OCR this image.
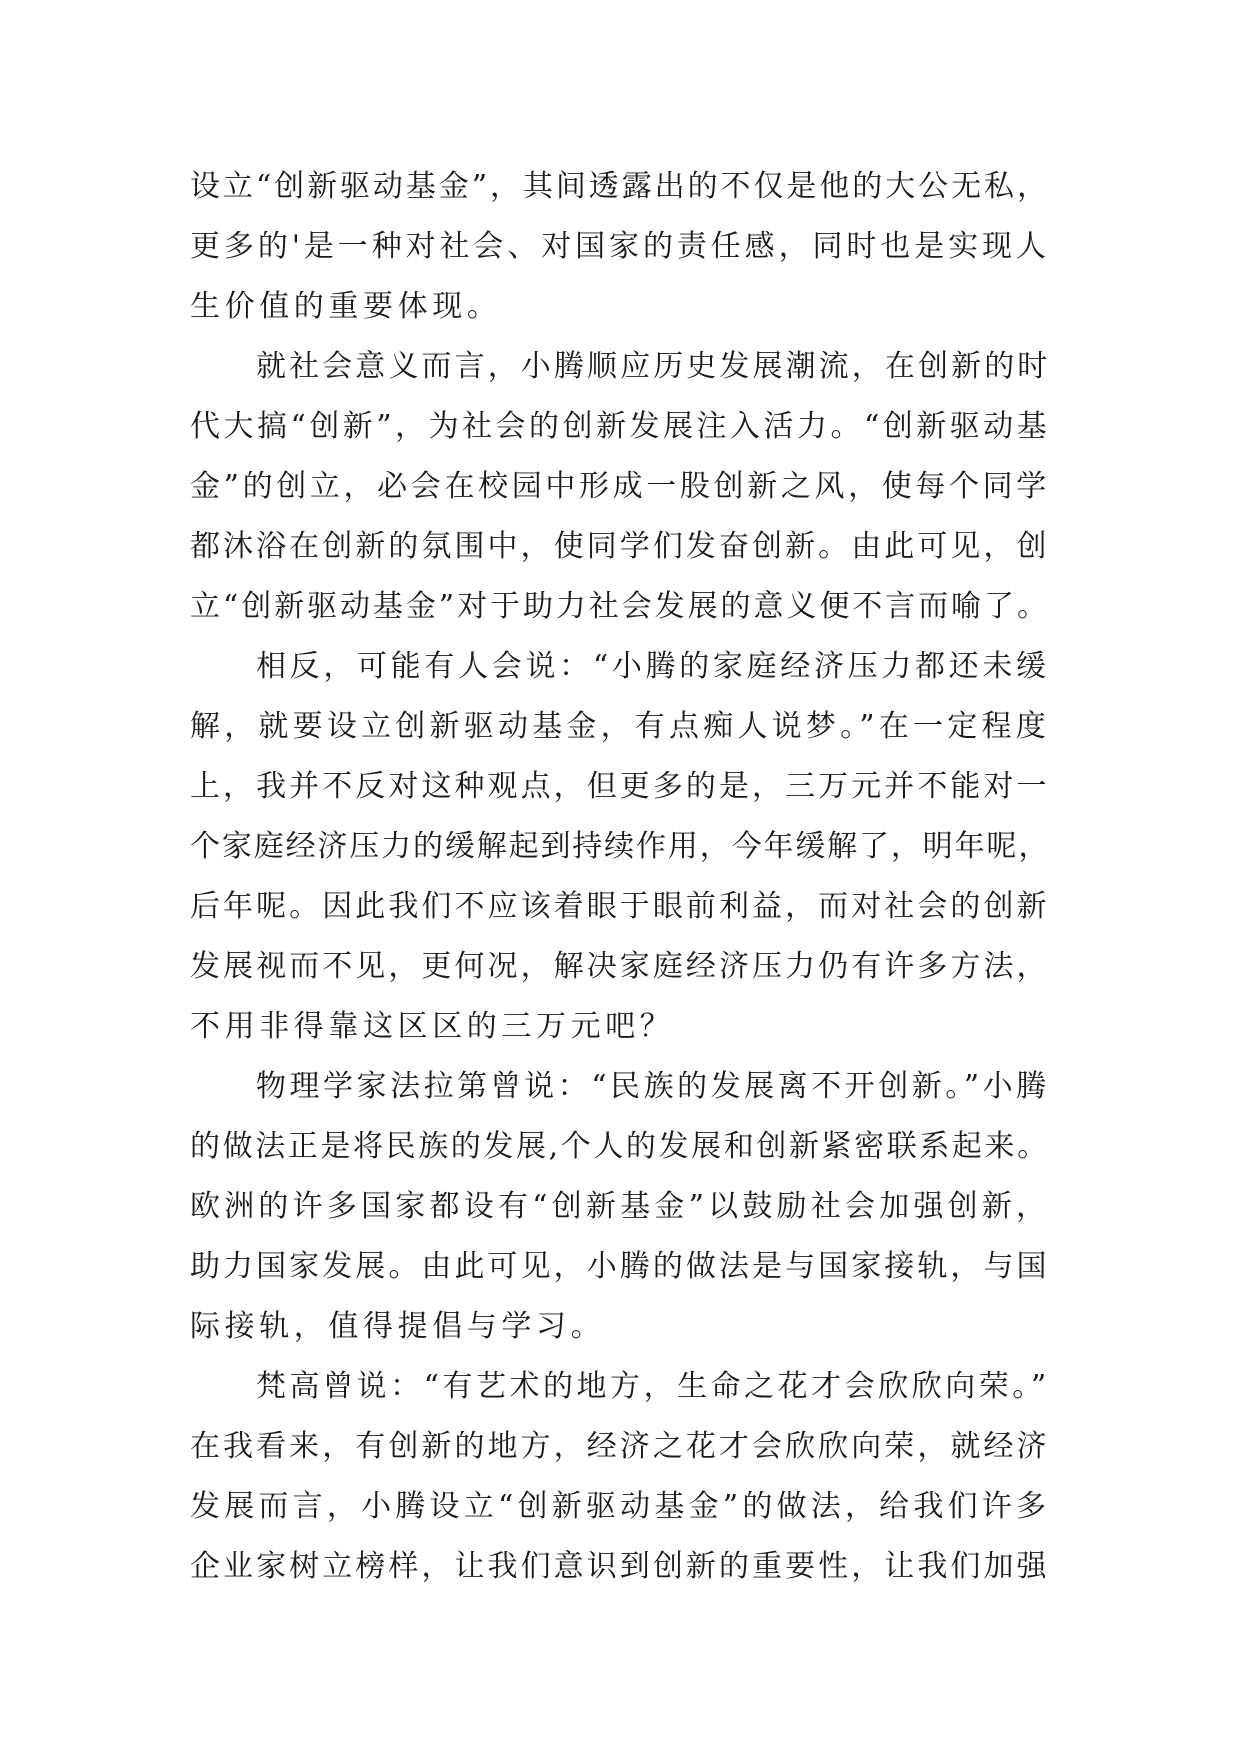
设立“创新驱动基金”，其间透露出的不仅是他的大公无私，
更多的'是一种对社会、对国家的责任感，同时也是实现人
生价值的重要体现。
就社会意义而言，小腾顺应历史发展潮流，在创新的时
代大搞“创新”，为社会的创新发展注入活力。“创新驱动基
金”的创立，必会在校园中形成一股创新之风，使每个同学
都沐浴在创新的氛围中，使同学们发奋创新。由此可见，创
立“创新驱动基金”对于助力社会发展的意义便不言而喻了。
相反，可能有人会说：“小腾的家庭经济压力都还未缓
解，就要设立创新驱动基金，有点痴人说梦。”在一定程度
上，我并不反对这种观点，但更多的是，三万元并不能对一
个家庭经济压力的缓解起到持续作用，今年缓解了，明年呢，
后年呢。因此我们不应该着眼于眼前利益，而对社会的创新
发展视而不见，更何况，解决家庭经济压力仍有许多方法，
不用非得靠这区区的三万元吧？
物理学家法拉第曾说：“民族的发展离不开创新。”小腾
的做法正是将民族的发展,个人的发展和创新紧密联系起来。
欧洲的许多国家都设有“创新基金”以鼓励社会加强创新，
助力国家发展。由此可见，小腾的做法是与国家接轨，与国
际接轨，值得提倡与学习。
梵高曾说：“有艺术的地方，生命之花才会欣欣向荣。”
在我看来，有创新的地方，经济之花才会欣欣向荣，就经济
发展而言，小腾设立“创新驱动基金”的做法，给我们许多
企业家树立榜样，让我们意识到创新的重要性，让我们加强
